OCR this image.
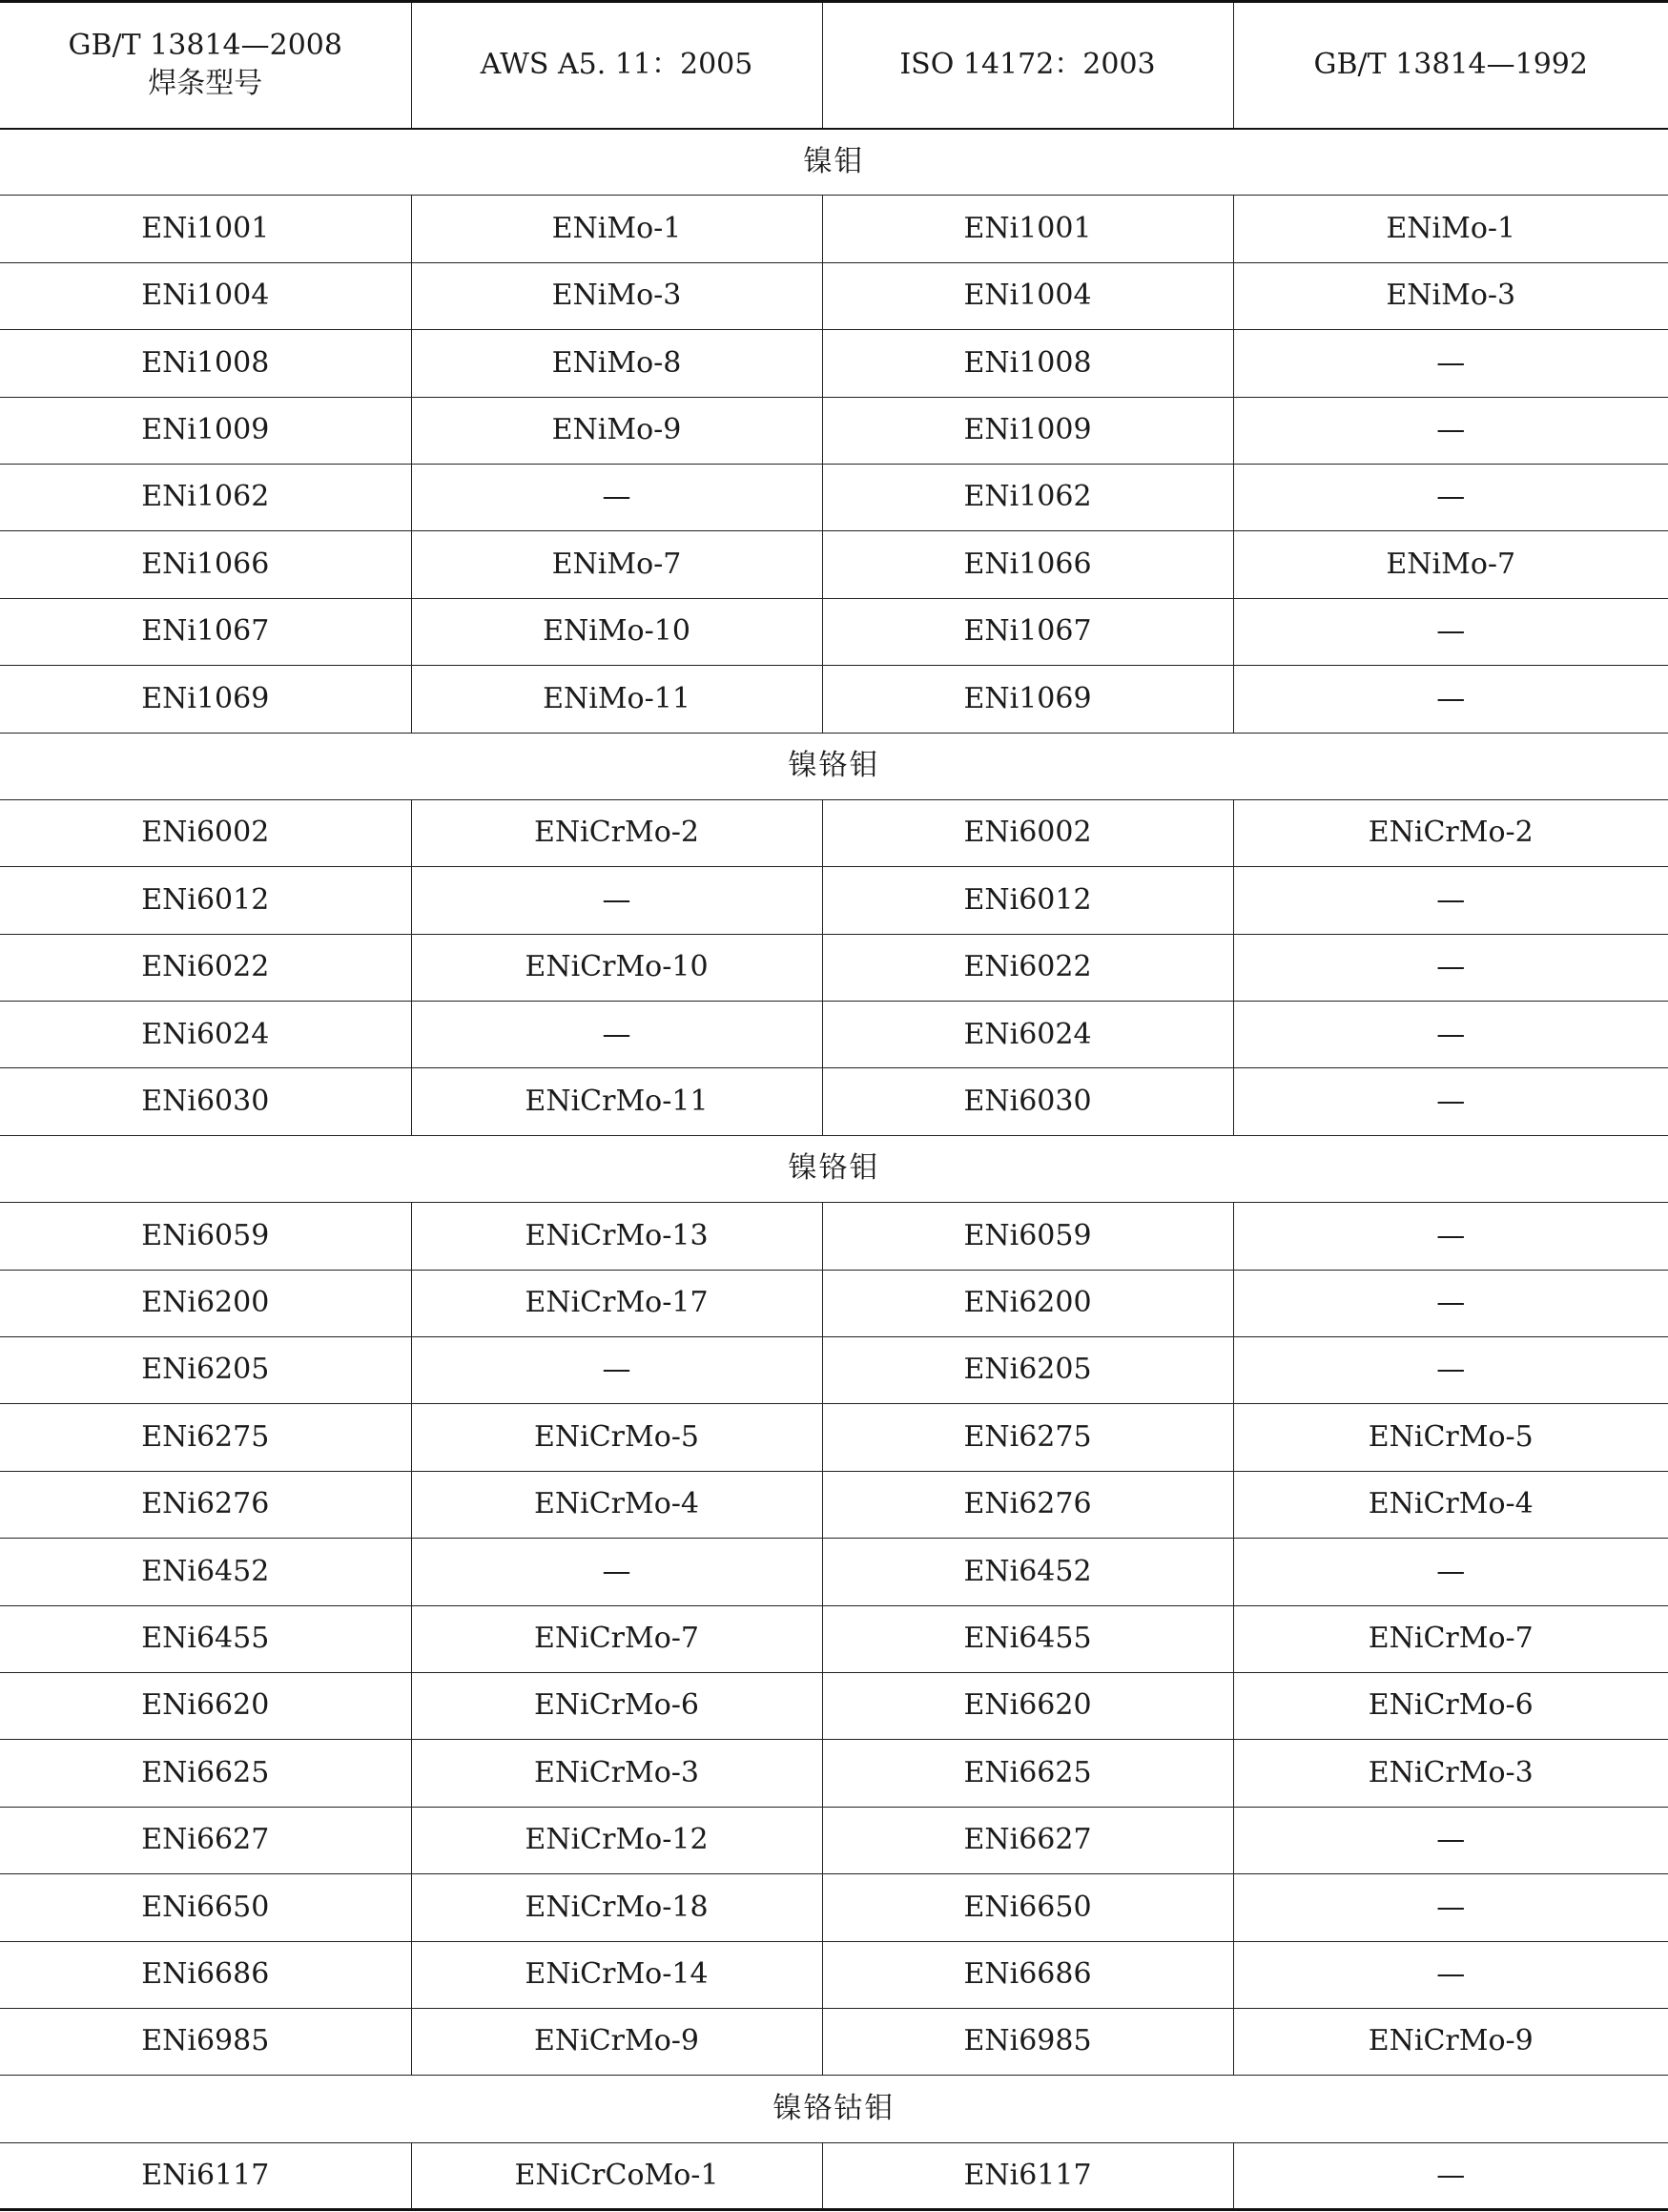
GB/T 13814—2008
焊条型号	AWS A5. 11：2005	ISO 14172：2003	GB/T 13814—1992

镍钼			
ENi1001	ENiMo-1	ENi1001	ENiMo-1
ENi1004	ENiMo-3	ENi1004	ENiMo-3
ENi1008	ENiMo-8	ENi1008	—
ENi1009	ENiMo-9	ENi1009	—
ENi1062	—	ENi1062	—
ENi1066	ENiMo-7	ENi1066	ENiMo-7
ENi1067	ENiMo-10	ENi1067	—
ENi1069	ENiMo-11	ENi1069	—
镍铬钼			
ENi6002	ENiCrMo-2	ENi6002	ENiCrMo-2
ENi6012	—	ENi6012	—
ENi6022	ENiCrMo-10	ENi6022	—
ENi6024	—	ENi6024	—
ENi6030	ENiCrMo-11	ENi6030	—
镍铬钼			
ENi6059	ENiCrMo-13	ENi6059	—
ENi6200	ENiCrMo-17	ENi6200	—
ENi6205	—	ENi6205	—
ENi6275	ENiCrMo-5	ENi6275	ENiCrMo-5
ENi6276	ENiCrMo-4	ENi6276	ENiCrMo-4
ENi6452	—	ENi6452	—
ENi6455	ENiCrMo-7	ENi6455	ENiCrMo-7
ENi6620	ENiCrMo-6	ENi6620	ENiCrMo-6
ENi6625	ENiCrMo-3	ENi6625	ENiCrMo-3
ENi6627	ENiCrMo-12	ENi6627	—
ENi6650	ENiCrMo-18	ENi6650	—
ENi6686	ENiCrMo-14	ENi6686	—
ENi6985	ENiCrMo-9	ENi6985	ENiCrMo-9
镍铬钴钼			
ENi6117	ENiCrCoMo-1	ENi6117	—
